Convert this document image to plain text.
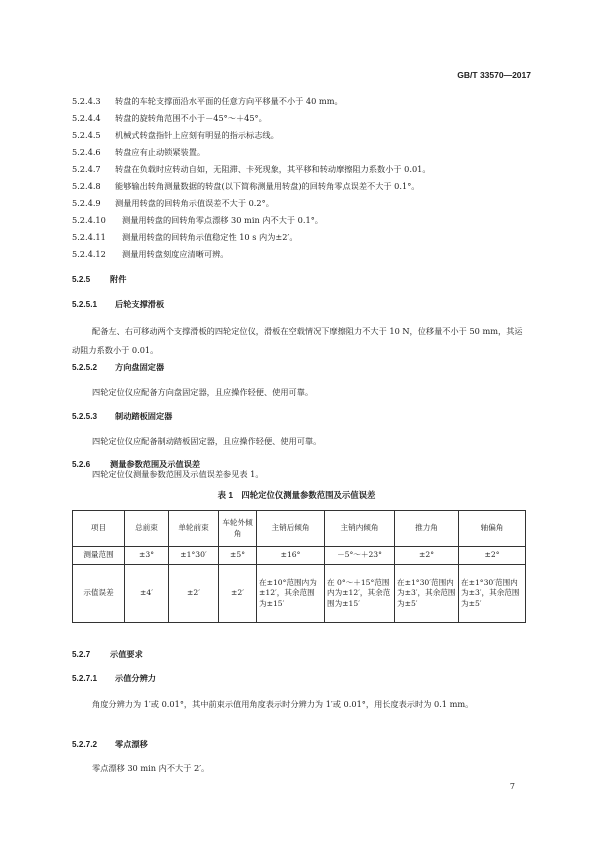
GB/T 33570—2017
5.2.4.3 转盘的车轮支撑面沿水平面的任意方向平移量不小于 40 mm。
5.2.4.4 转盘的旋转角范围不小于－45°～＋45°。
5.2.4.5 机械式转盘指针上应刻有明显的指示标志线。
5.2.4.6 转盘应有止动锁紧装置。
5.2.4.7 转盘在负载时应转动自如，无阻滞、卡死现象，其平移和转动摩擦阻力系数小于 0.01。
5.2.4.8 能够输出转角测量数据的转盘(以下简称测量用转盘)的回转角零点误差不大于 0.1°。
5.2.4.9 测量用转盘的回转角示值误差不大于 0.2°。
5.2.4.10 测量用转盘的回转角零点漂移 30 min 内不大于 0.1°。
5.2.4.11 测量用转盘的回转角示值稳定性 10 s 内为±2′。
5.2.4.12 测量用转盘刻度应清晰可辨。
5.2.5 附件
5.2.5.1 后轮支撑滑板
配备左、右可移动两个支撑滑板的四轮定位仪，滑板在空载情况下摩擦阻力不大于 10 N，位移量不小于 50 mm，其运动阻力系数小于 0.01。
5.2.5.2 方向盘固定器
四轮定位仪应配备方向盘固定器，且应操作轻便、使用可靠。
5.2.5.3 制动踏板固定器
四轮定位仪应配备制动踏板固定器，且应操作轻便、使用可靠。
5.2.6 测量参数范围及示值误差
四轮定位仪测量参数范围及示值误差参见表 1。
表 1　四轮定位仪测量参数范围及示值误差
项目	总前束	单轮前束	车轮外倾角	主销后倾角	主销内倾角	推力角	轴偏角
测量范围	±3°	±1°30′	±5°	±16°	－5°～＋23°	±2°	±2°
示值误差	±4′	±2′	±2′	在±10°范围内为±12′，其余范围为±15′	在 0°～＋15°范围内为±12′，其余范围为±15′	在±1°30′范围内为±3′，其余范围为±5′	在±1°30′范围内为±3′，其余范围为±5′
5.2.7 示值要求
5.2.7.1 示值分辨力
角度分辨力为 1′或 0.01°，其中前束示值用角度表示时分辨力为 1′或 0.01°，用长度表示时为 0.1 mm。
5.2.7.2 零点漂移
零点漂移 30 min 内不大于 2′。
7
